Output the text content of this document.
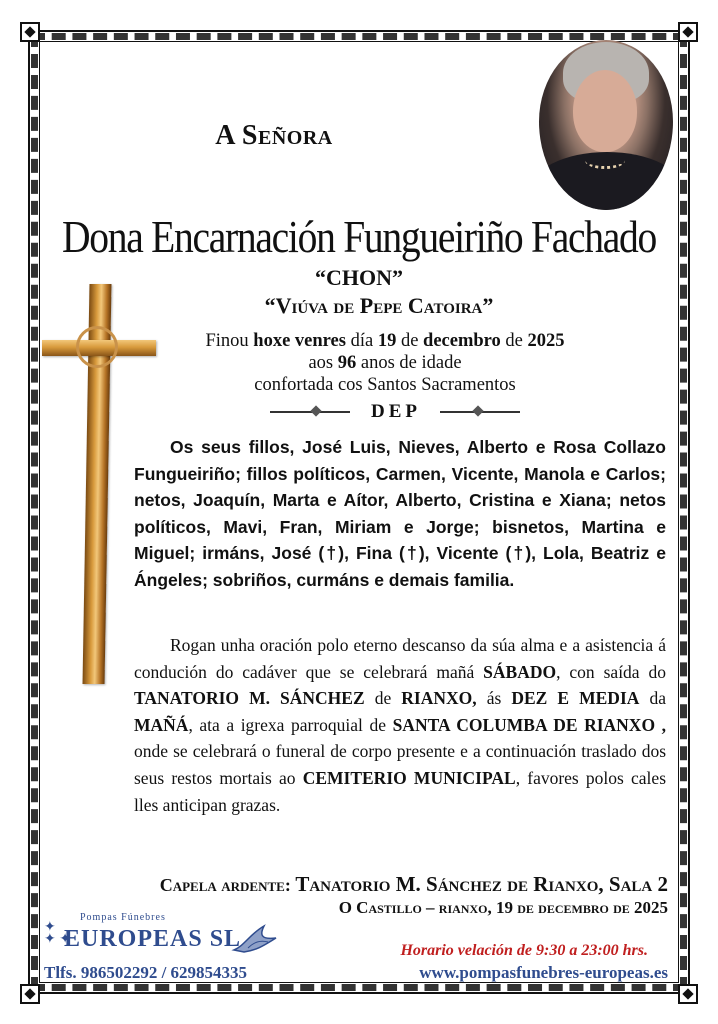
A Señora
Dona Encarnación Fungueiriño Fachado
“CHON”
“Viúva de Pepe Catoira”
Finou hoxe venres día 19 de decembro de 2025
aos 96 anos de idade
confortada cos Santos Sacramentos
DEP
Os seus fillos, José Luis, Nieves, Alberto e Rosa Collazo Fungueiriño; fillos políticos, Carmen, Vicente, Manola e Carlos; netos, Joaquín, Marta e Aítor, Alberto, Cristina e Xiana; netos políticos, Mavi, Fran, Miriam e Jorge; bisnetos, Martina e Miguel; irmáns, José (†), Fina (†), Vicente (†), Lola, Beatriz e Ángeles; sobriños, curmáns e demais familia.
Rogan unha oración polo eterno descanso da súa alma e a asistencia á condución do cadáver que se celebrará mañá SÁBADO, con saída do TANATORIO M. SÁNCHEZ de RIANXO, ás DEZ E MEDIA da MAÑÁ, ata a igrexa parroquial de SANTA COLUMBA DE RIANXO , onde se celebrará o funeral de corpo presente e a continuación traslado dos seus restos mortais ao CEMITERIO MUNICIPAL, favores polos cales lles anticipan grazas.
Capela ardente: Tanatorio M. Sánchez de Rianxo, Sala 2
O Castillo – rianxo, 19 de decembro de 2025
✦
✦ ✦
Pompas Fúnebres
EUROPEAS SL
Tlfs. 986502292 / 629854335
Horario velación de 9:30 a 23:00 hrs.
www.pompasfunebres-europeas.es
